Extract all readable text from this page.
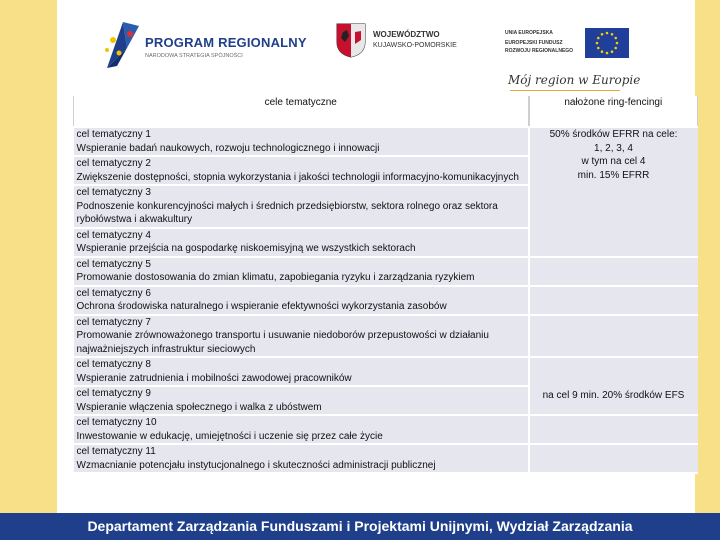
PROGRAM REGIONALNY
NARODOWA STRATEGIA SPÓJNOŚCI
WOJEWÓDZTWO
KUJAWSKO-POMORSKIE
UNIA EUROPEJSKA
EUROPEJSKI FUNDUSZ
ROZWOJU REGIONALNEGO
Mój region w Europie
cele tematyczne	nałożone ring-fencingi

cel tematyczny 1
Wspieranie badań naukowych, rozwoju technologicznego i innowacji	50% środków EFRR na cele:
1, 2, 3, 4
w tym na cel 4
min. 15% EFRR

cel tematyczny 2
Zwiększenie dostępności, stopnia wykorzystania i jakości technologii informacyjno-komunikacyjnych	

cel tematyczny 3
Podnoszenie konkurencyjności małych i średnich przedsiębiorstw, sektora rolnego oraz sektora rybołówstwa i akwakultury	

cel tematyczny 4
Wspieranie przejścia na gospodarkę niskoemisyjną we wszystkich sektorach	

cel tematyczny 5
Promowanie dostosowania do zmian klimatu, zapobiegania ryzyku i zarządzania ryzykiem	

cel tematyczny 6
Ochrona środowiska naturalnego i wspieranie efektywności wykorzystania zasobów	

cel tematyczny 7
Promowanie zrównoważonego transportu i usuwanie niedoborów przepustowości w działaniu najważniejszych infrastruktur sieciowych	

cel tematyczny 8
Wspieranie zatrudnienia i mobilności zawodowej pracowników	na cel 9 min. 20% środków EFS

cel tematyczny 9
Wspieranie włączenia społecznego i walka z ubóstwem	

cel tematyczny 10
Inwestowanie w edukację, umiejętności i uczenie się przez całe życie	

cel tematyczny 11
Wzmacnianie potencjału instytucjonalnego i skuteczności administracji publicznej	

Departament Zarządzania Funduszami i Projektami Unijnymi, Wydział Zarządzania
